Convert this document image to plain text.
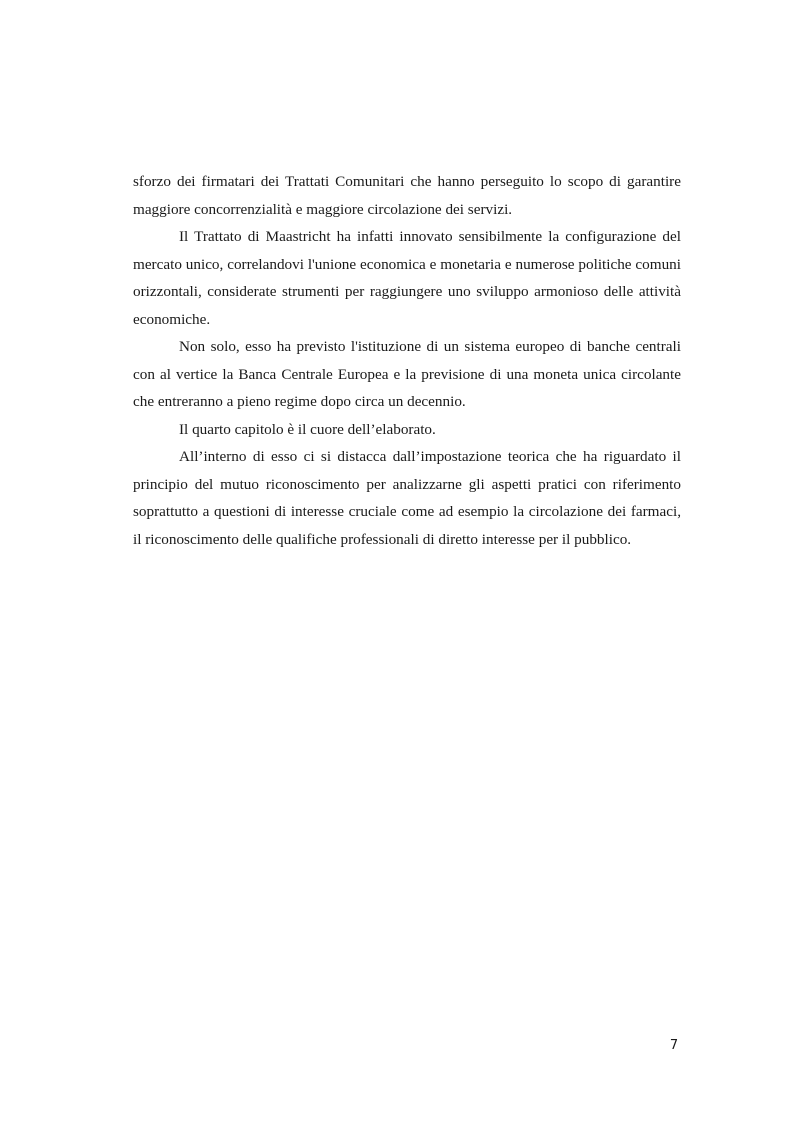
sforzo dei firmatari dei Trattati Comunitari che hanno perseguito lo scopo di garantire maggiore concorrenzialità e maggiore circolazione dei servizi.

Il Trattato di Maastricht ha infatti innovato sensibilmente la configurazione del mercato unico, correlandovi l'unione economica e monetaria e numerose politiche comuni orizzontali, considerate strumenti per raggiungere uno sviluppo armonioso delle attività economiche.

Non solo, esso ha previsto l'istituzione di un sistema europeo di banche centrali con al vertice la Banca Centrale Europea e la previsione di una moneta unica circolante che entreranno a pieno regime dopo circa un decennio.

Il quarto capitolo è il cuore dell’elaborato.

All’interno di esso ci si distacca dall’impostazione teorica che ha riguardato il principio del mutuo riconoscimento per analizzarne gli aspetti pratici con riferimento soprattutto a questioni di interesse cruciale come ad esempio la circolazione dei farmaci, il riconoscimento delle qualifiche professionali di diretto interesse per il pubblico.

7
